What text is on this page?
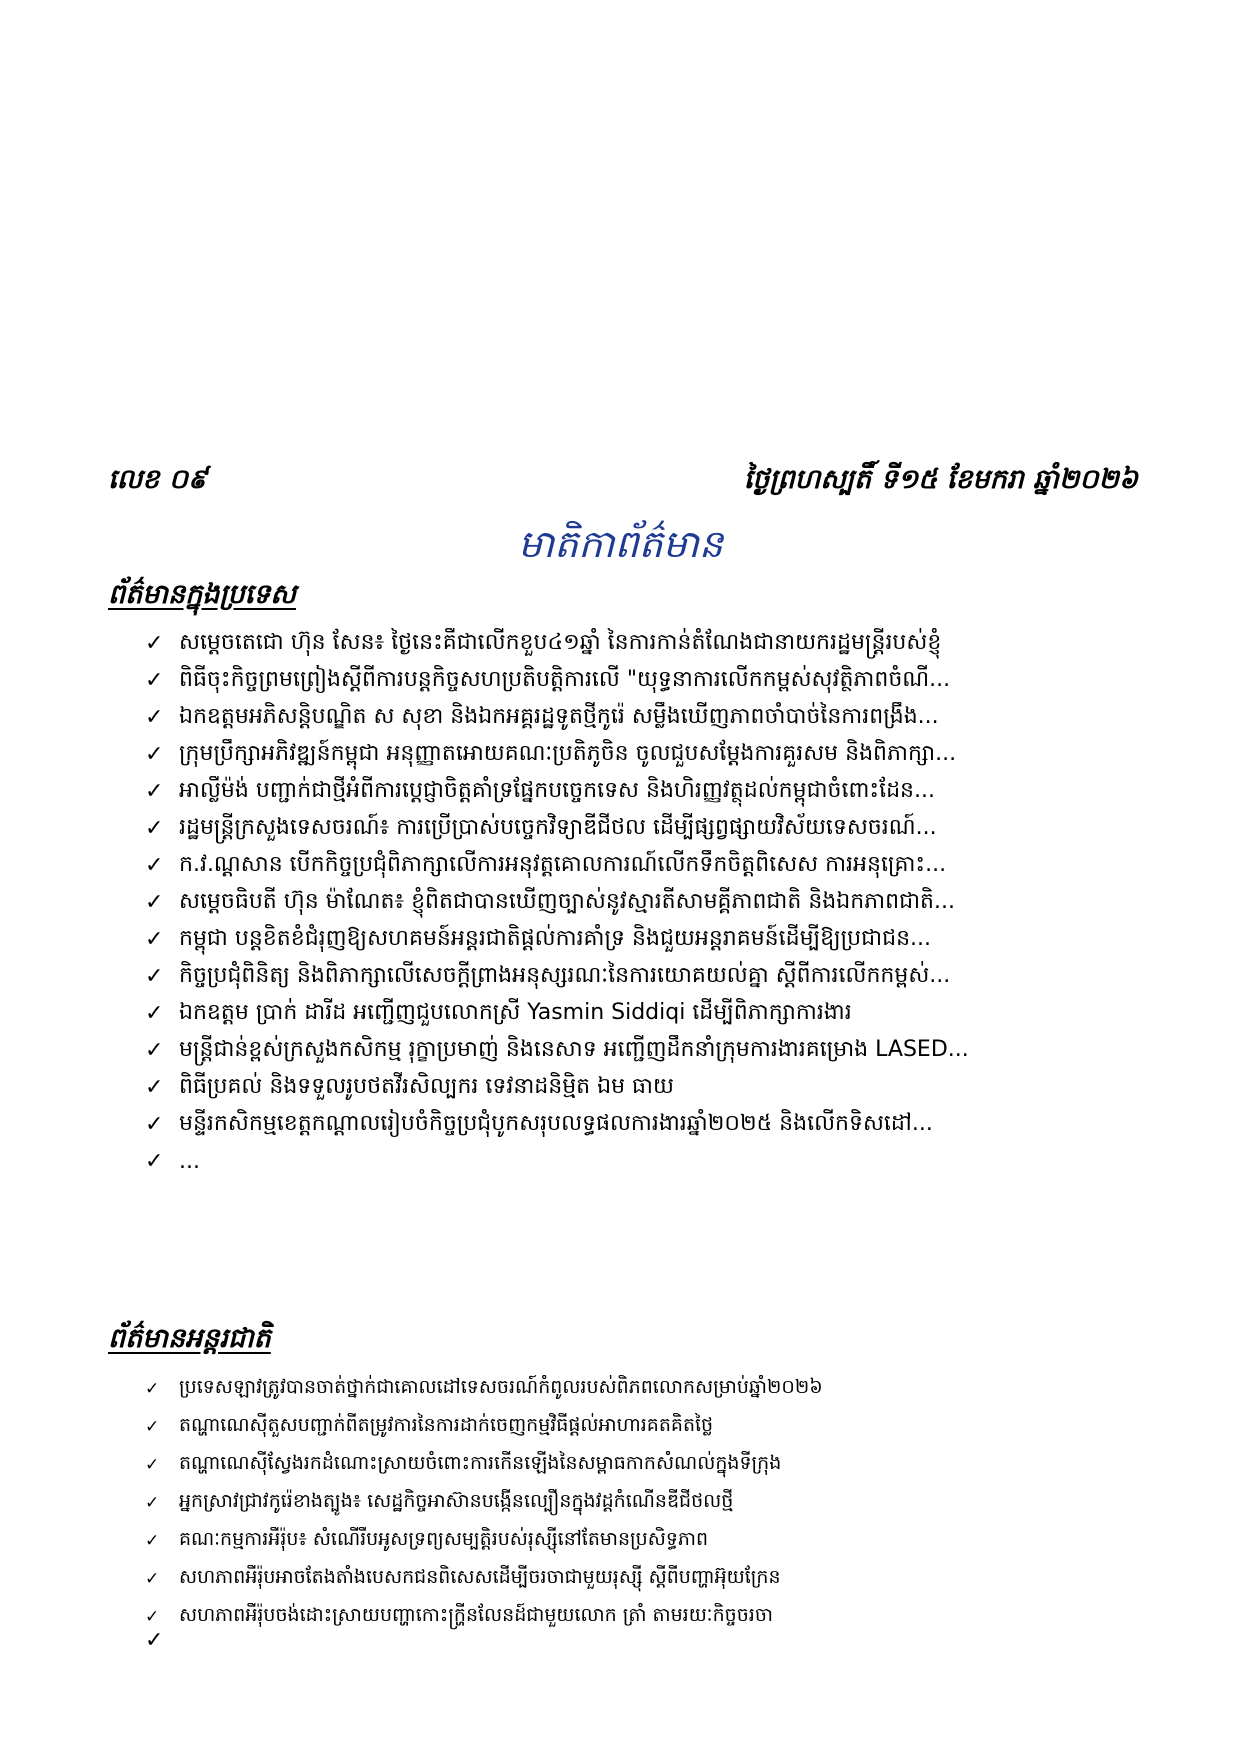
លេខ ០៩	ថ្ងៃព្រហស្បតិ៍ ទី១៥ ខែមករា ឆ្នាំ២០២៦
មាតិកាព័ត៌មាន
ព័ត៌មានក្នុងប្រទេស
✓ សម្តេចតេជោ ហ៊ុន សែន៖ ថ្ងៃនេះគឺជាលើកខួប៤១ឆ្នាំ នៃការកាន់តំណែងជានាយករដ្ឋមន្ត្រីរបស់ខ្ញុំ
✓ ពិធីចុះកិច្ចព្រមព្រៀងស្តីពីការបន្តកិច្ចសហប្រតិបត្តិការលើ "យុទ្ធនាការលើកកម្ពស់សុវត្ថិភាពចំណី...
✓ ឯកឧត្តមអភិសន្តិបណ្ឌិត ស សុខា និងឯកអគ្គរដ្ឋទូតថ្មីកូរ៉េ សម្លឹងឃើញភាពចាំបាច់នៃការពង្រឹង...
✓ ក្រុមប្រឹក្សាអភិវឌ្ឍន៍កម្ពុជា អនុញ្ញាតអោយគណៈប្រតិភូចិន ចូលជួបសម្តែងការគួរសម និងពិភាក្សា...
✓ អាល្លឺម៉ង់ បញ្ជាក់ជាថ្មីអំពីការប្តេជ្ញាចិត្តគាំទ្រផ្នែកបច្ចេកទេស និងហិរញ្ញវត្ថុដល់កម្ពុជាចំពោះដែន...
✓ រដ្ឋមន្ត្រីក្រសួងទេសចរណ៍៖ ការប្រើប្រាស់បច្ចេកវិទ្យាឌីជីថល ដើម្បីផ្សព្វផ្សាយវិស័យទេសចរណ៍...
✓ ក.វ.ណ្តសាន បើកកិច្ចប្រជុំពិភាក្សាលើការអនុវត្តគោលការណ៍លើកទឹកចិត្តពិសេស ការអនុគ្រោះ...
✓ សម្តេចធិបតី ហ៊ុន ម៉ាណែត៖ ខ្ញុំពិតជាបានឃើញច្បាស់នូវស្មារតីសាមគ្គីភាពជាតិ និងឯកភាពជាតិ...
✓ កម្ពុជា បន្តខិតខំជំរុញឱ្យសហគមន៍អន្តរជាតិផ្តល់ការគាំទ្រ និងជួយអន្តរាគមន៍ដើម្បីឱ្យប្រជាជន...
✓ កិច្ចប្រជុំពិនិត្យ និងពិភាក្សាលើសេចក្តីព្រាងអនុស្សរណៈនៃការយោគយល់គ្នា ស្តីពីការលើកកម្ពស់...
✓ ឯកឧត្តម ប្រាក់ ដារីដ អញ្ជើញជួបលោកស្រី Yasmin Siddiqi ដើម្បីពិភាក្សាការងារ
✓ មន្ត្រីជាន់ខ្ពស់ក្រសួងកសិកម្ម រុក្ខាប្រមាញ់ និងនេសាទ អញ្ជើញដឹកនាំក្រុមការងារគម្រោង LASED...
✓ ពិធីប្រគល់ និងទទួលរូបថតវីរសិល្បករ ទេវនាដនិម្មិត ឯម ធាយ
✓ មន្ទីរកសិកម្មខេត្តកណ្តាលរៀបចំកិច្ចប្រជុំបូកសរុបលទ្ធផលការងារឆ្នាំ២០២៥ និងលើកទិសដៅ...
✓ ...
ព័ត៌មានអន្តរជាតិ
✓	ប្រទេសឡាវត្រូវបានចាត់ថ្នាក់ជាគោលដៅទេសចរណ៍កំពូលរបស់ពិភពលោកសម្រាប់ឆ្នាំ២០២៦
✓	តណ្ហាណេស៊ីតួសបញ្ជាក់ពីតម្រូវការនៃការដាក់ចេញកម្មវិធីផ្តល់អាហារគតគិតថ្លៃ
✓	តណ្ហាណេស៊ីស្វែងរកដំណោះស្រាយចំពោះការកើនឡើងនៃសម្ពាធកាកសំណល់ក្នុងទីក្រុង
✓	អ្នកស្រាវជ្រាវកូរ៉េខាងត្បូង៖ សេដ្ឋកិច្ចអាស៊ានបង្កើនល្បឿនក្នុងវដ្តកំណើនឌីជីថលថ្មី
✓	គណៈកម្មការអឺរ៉ុប៖ សំណើរឹបអូសទ្រព្យសម្បត្តិរបស់រុស្ស៊ីនៅតែមានប្រសិទ្ធភាព
✓	សហភាពអឺរ៉ុបអាចតែងតាំងបេសកជនពិសេសដើម្បីចរចាជាមួយរុស្ស៊ី ស្តីពីបញ្ហាអ៊ុយក្រែន
✓	សហភាពអឺរ៉ុបចង់ដោះស្រាយបញ្ហាកោះក្រ្ហីនលែនដ៍ជាមួយលោក ត្រាំ តាមរយៈកិច្ចចរចា
✓
